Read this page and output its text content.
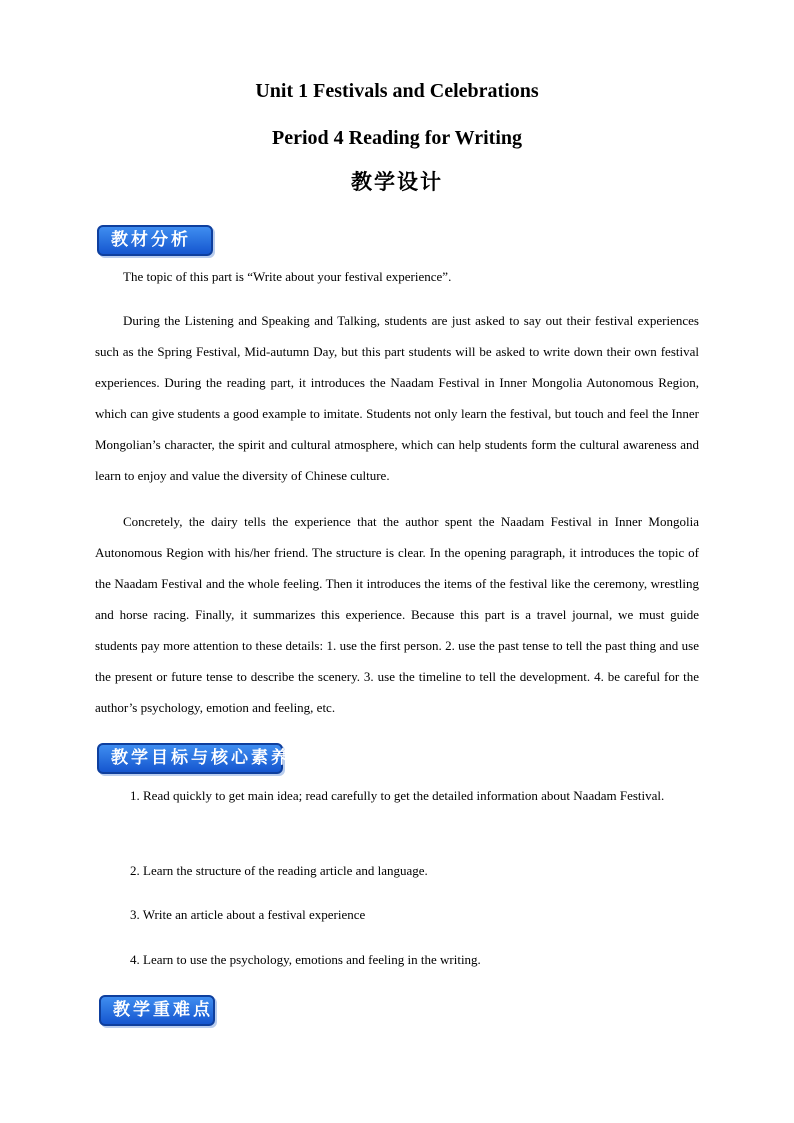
Unit 1 Festivals and Celebrations
Period 4 Reading for Writing
教学设计
教材分析

The topic of this part is “Write about your festival experience”.

During the Listening and Speaking and Talking, students are just asked to say out their festival experiences such as the Spring Festival, Mid-autumn Day, but this part students will be asked to write down their own festival experiences. During the reading part, it introduces the Naadam Festival in Inner Mongolia Autonomous Region, which can give students a good example to imitate. Students not only learn the festival, but touch and feel the Inner Mongolian’s character, the spirit and cultural atmosphere, which can help students form the cultural awareness and learn to enjoy and value the diversity of Chinese culture.

Concretely, the dairy tells the experience that the author spent the Naadam Festival in Inner Mongolia Autonomous Region with his/her friend. The structure is clear. In the opening paragraph, it introduces the topic of the Naadam Festival and the whole feeling. Then it introduces the items of the festival like the ceremony, wrestling and horse racing. Finally, it summarizes this experience. Because this part is a travel journal, we must guide students pay more attention to these details: 1. use the first person. 2. use the past tense to tell the past thing and use the present or future tense to describe the scenery. 3. use the timeline to tell the development. 4. be careful for the author’s psychology, emotion and feeling, etc.

教学目标与核心素养

1. Read quickly to get main idea; read carefully to get the detailed information about Naadam Festival.

2. Learn the structure of the reading article and language.

3. Write an article about a festival experience

4. Learn to use the psychology, emotions and feeling in the writing.

教学重难点
